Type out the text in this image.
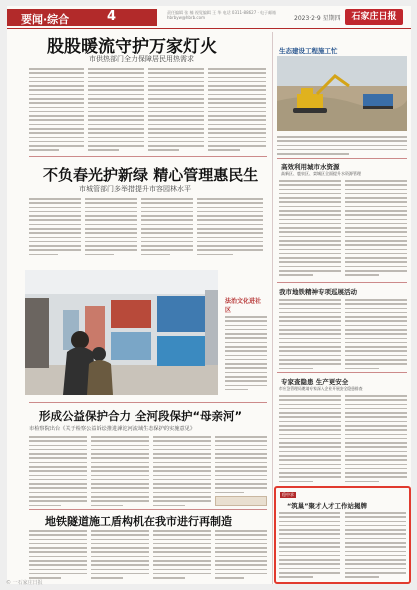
要闻·综合	4	责任编辑 张 楠 视觉编辑 王 华 电话 0311-88627 · 电子邮箱 hbrbyw@hbrb.com	2023·2·9 星期四	石家庄日报
股股暖流守护万家灯火
市供热部门全力保障居民用热需求
不负春光护新绿 精心管理惠民生
市城管部门多举措提升市容园林水平
法治文化进社区
形成公益保护合力 全河段保护“母亲河”
市检察院出台《关于检察公益诉讼推进滹沱河流域生态保护的实施意见》
地铁隧道施工盾构机在我市进行再制造
生态建设工程施工忙
高效利用城市水资源
高新区、鹿泉区、栾城区全面提升水资源管理
我市地铁精神专项巡展活动
专家查隐患 生产更安全
市应急管理局邀请专家深入企业开展安全隐患排查
稳中求
“筑巢”聚才人才工作站揭牌
© 一石家庄日报
